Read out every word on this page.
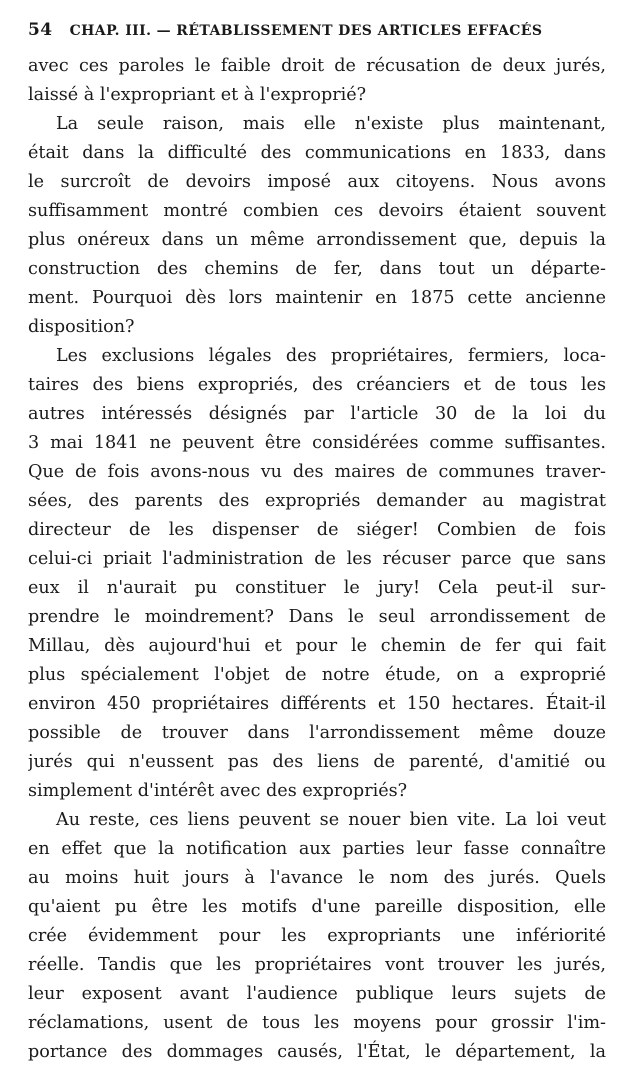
54 CHAP. III. — RÉTABLISSEMENT DES ARTICLES EFFACÉS
avec ces paroles le faible droit de récusation de deux jurés,
laissé à l'expropriant et à l'exproprié?
La seule raison, mais elle n'existe plus maintenant,
était dans la difficulté des communications en 1833, dans
le surcroît de devoirs imposé aux citoyens. Nous avons
suffisamment montré combien ces devoirs étaient souvent
plus onéreux dans un même arrondissement que, depuis la
construction des chemins de fer, dans tout un départe-
ment. Pourquoi dès lors maintenir en 1875 cette ancienne
disposition?
Les exclusions légales des propriétaires, fermiers, loca-
taires des biens expropriés, des créanciers et de tous les
autres intéressés désignés par l'article 30 de la loi du
3 mai 1841 ne peuvent être considérées comme suffisantes.
Que de fois avons-nous vu des maires de communes traver-
sées, des parents des expropriés demander au magistrat
directeur de les dispenser de siéger! Combien de fois
celui-ci priait l'administration de les récuser parce que sans
eux il n'aurait pu constituer le jury! Cela peut-il sur-
prendre le moindrement? Dans le seul arrondissement de
Millau, dès aujourd'hui et pour le chemin de fer qui fait
plus spécialement l'objet de notre étude, on a exproprié
environ 450 propriétaires différents et 150 hectares. Était-il
possible de trouver dans l'arrondissement même douze
jurés qui n'eussent pas des liens de parenté, d'amitié ou
simplement d'intérêt avec des expropriés?
Au reste, ces liens peuvent se nouer bien vite. La loi veut
en effet que la notification aux parties leur fasse connaître
au moins huit jours à l'avance le nom des jurés. Quels
qu'aient pu être les motifs d'une pareille disposition, elle
crée évidemment pour les expropriants une infériorité
réelle. Tandis que les propriétaires vont trouver les jurés,
leur exposent avant l'audience publique leurs sujets de
réclamations, usent de tous les moyens pour grossir l'im-
portance des dommages causés, l'État, le département, la
